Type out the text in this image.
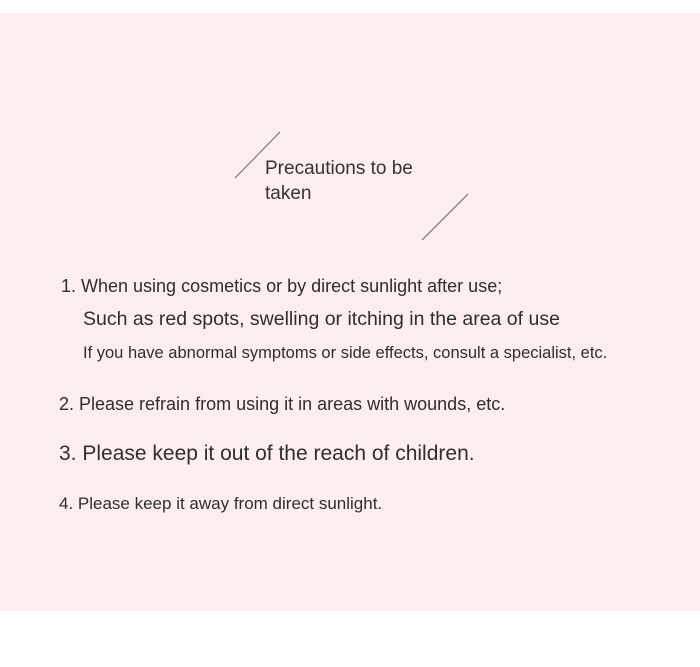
Precautions to be taken
1. When using cosmetics or by direct sunlight after use;
Such as red spots, swelling or itching in the area of use
If you have abnormal symptoms or side effects, consult a specialist, etc.
2. Please refrain from using it in areas with wounds, etc.
3. Please keep it out of the reach of children.
4. Please keep it away from direct sunlight.
